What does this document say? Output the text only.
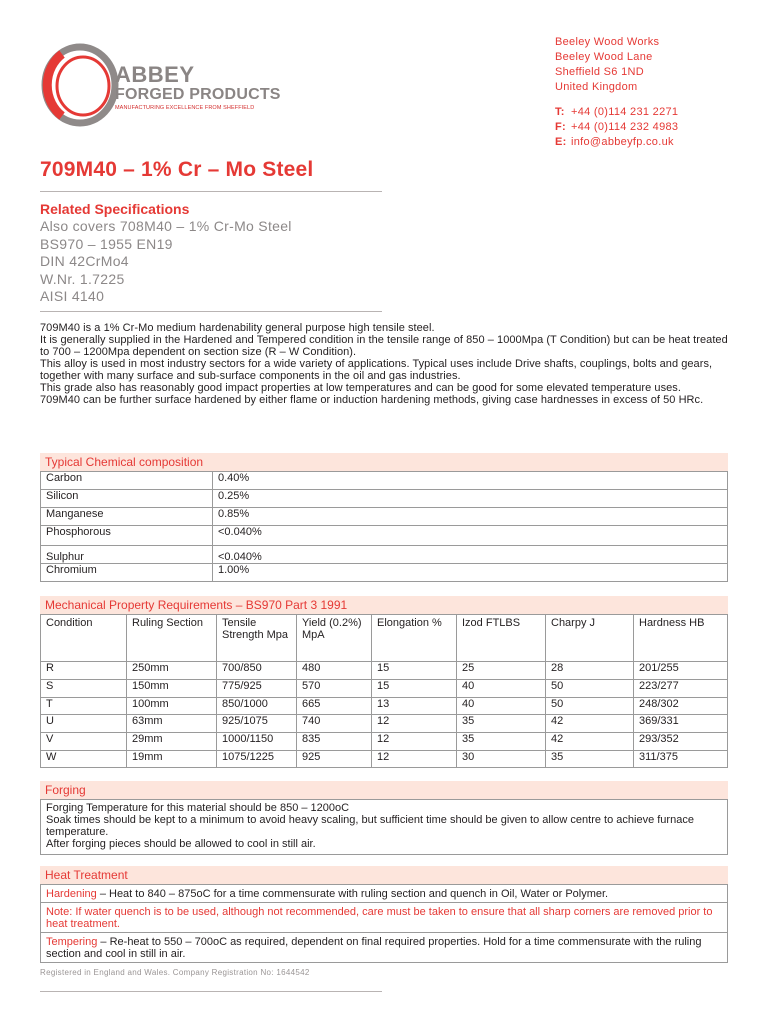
ABBEY
FORGED PRODUCTS
MANUFACTURING EXCELLENCE FROM SHEFFIELD
Beeley Wood Works
Beeley Wood Lane
Sheffield S6 1ND
United Kingdom
T: +44 (0)114 231 2271
F: +44 (0)114 232 4983
E: info@abbeyfp.co.uk
709M40 – 1% Cr – Mo Steel
Related Specifications
Also covers 708M40 – 1% Cr-Mo Steel
BS970 – 1955 EN19
DIN 42CrMo4
W.Nr. 1.7225
AISI 4140
709M40 is a 1% Cr-Mo medium hardenability general purpose high tensile steel.
It is generally supplied in the Hardened and Tempered condition in the tensile range of 850 – 1000Mpa (T Condition) but can be heat treated to 700 – 1200Mpa dependent on section size (R – W Condition).
This alloy is used in most industry sectors for a wide variety of applications. Typical uses include Drive shafts, couplings, bolts and gears, together with many surface and sub-surface components in the oil and gas industries.
This grade also has reasonably good impact properties at low temperatures and can be good for some elevated temperature uses.
709M40 can be further surface hardened by either flame or induction hardening methods, giving case hardnesses in excess of 50 HRc.
Typical Chemical composition
Carbon	0.40%
Silicon	0.25%
Manganese	0.85%
Phosphorous	<0.040%
Sulphur	<0.040%
Chromium	1.00%
Mechanical Property Requirements – BS970 Part 3 1991
Condition	Ruling Section	Tensile Strength Mpa	Yield (0.2%) MpA	Elongation %	Izod FTLBS	Charpy J	Hardness HB
R	250mm	700/850	480	15	25	28	201/255
S	150mm	775/925	570	15	40	50	223/277
T	100mm	850/1000	665	13	40	50	248/302
U	63mm	925/1075	740	12	35	42	369/331
V	29mm	1000/1150	835	12	35	42	293/352
W	19mm	1075/1225	925	12	30	35	311/375
Forging
Forging Temperature for this material should be 850 – 1200oC
Soak times should be kept to a minimum to avoid heavy scaling, but sufficient time should be given to allow centre to achieve furnace temperature.
After forging pieces should be allowed to cool in still air.
Heat Treatment
Hardening – Heat to 840 – 875oC for a time commensurate with ruling section and quench in Oil, Water or Polymer.
Note: If water quench is to be used, although not recommended, care must be taken to ensure that all sharp corners are removed prior to heat treatment.
Tempering – Re-heat to 550 – 700oC as required, dependent on final required properties. Hold for a time commensurate with the ruling section and cool in still in air.
Registered in England and Wales. Company Registration No: 1644542
